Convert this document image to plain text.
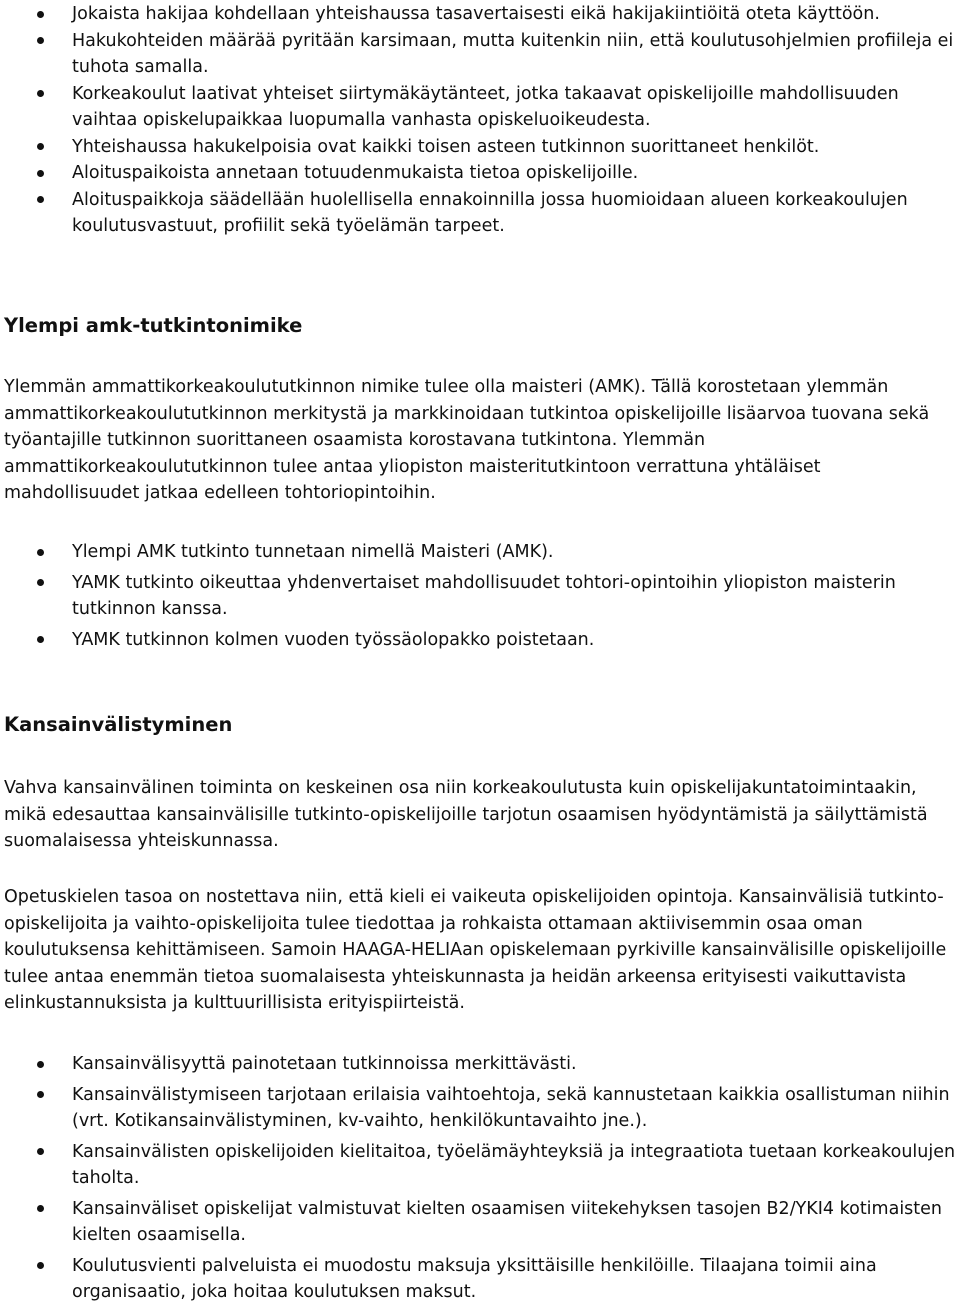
Jokaista hakijaa kohdellaan yhteishaussa tasavertaisesti eikä hakijakiintiöitä oteta käyttöön.
Hakukohteiden määrää pyritään karsimaan, mutta kuitenkin niin, että koulutusohjelmien profiileja ei tuhota samalla.
Korkeakoulut laativat yhteiset siirtymäkäytänteet, jotka takaavat opiskelijoille mahdollisuuden vaihtaa opiskelupaikkaa luopumalla vanhasta opiskeluoikeudesta.
Yhteishaussa hakukelpoisia ovat kaikki toisen asteen tutkinnon suorittaneet henkilöt.
Aloituspaikoista annetaan totuudenmukaista tietoa opiskelijoille.
Aloituspaikkoja säädellään huolellisella ennakoinnilla jossa huomioidaan alueen korkeakoulujen koulutusvastuut, profiilit sekä työelämän tarpeet.
Ylempi amk-tutkintonimike

Ylemmän ammattikorkeakoulututkinnon nimike tulee olla maisteri (AMK). Tällä korostetaan ylemmän ammattikorkeakoulututkinnon merkitystä ja markkinoidaan tutkintoa opiskelijoille lisäarvoa tuovana sekä työantajille tutkinnon suorittaneen osaamista korostavana tutkintona. Ylemmän ammattikorkeakoulututkinnon tulee antaa yliopiston maisteritutkintoon verrattuna yhtäläiset mahdollisuudet jatkaa edelleen tohtoriopintoihin.

Ylempi AMK tutkinto tunnetaan nimellä Maisteri (AMK).
YAMK tutkinto oikeuttaa yhdenvertaiset mahdollisuudet tohtori-opintoihin yliopiston maisterin tutkinnon kanssa.
YAMK tutkinnon kolmen vuoden työssäolopakko poistetaan.
Kansainvälistyminen

Vahva kansainvälinen toiminta on keskeinen osa niin korkeakoulutusta kuin opiskelijakuntatoimintaakin, mikä edesauttaa kansainvälisille tutkinto-opiskelijoille tarjotun osaamisen hyödyntämistä ja säilyttämistä suomalaisessa yhteiskunnassa.

Opetuskielen tasoa on nostettava niin, että kieli ei vaikeuta opiskelijoiden opintoja. Kansainvälisiä tutkinto- opiskelijoita ja vaihto-opiskelijoita tulee tiedottaa ja rohkaista ottamaan aktiivisemmin osaa oman koulutuksensa kehittämiseen. Samoin HAAGA-HELIAan opiskelemaan pyrkiville kansainvälisille opiskelijoille tulee antaa enemmän tietoa suomalaisesta yhteiskunnasta ja heidän arkeensa erityisesti vaikuttavista elinkustannuksista ja kulttuurillisista erityispiirteistä.

Kansainvälisyyttä painotetaan tutkinnoissa merkittävästi.
Kansainvälistymiseen tarjotaan erilaisia vaihtoehtoja, sekä kannustetaan kaikkia osallistuman niihin (vrt. Kotikansainvälistyminen, kv-vaihto, henkilökuntavaihto jne.).
Kansainvälisten opiskelijoiden kielitaitoa, työelämäyhteyksiä ja integraatiota tuetaan korkeakoulujen taholta.
Kansainväliset opiskelijat valmistuvat kielten osaamisen viitekehyksen tasojen B2/YKI4 kotimaisten kielten osaamisella.
Koulutusvienti palveluista ei muodostu maksuja yksittäisille henkilöille. Tilaajana toimii aina organisaatio, joka hoitaa koulutuksen maksut.
